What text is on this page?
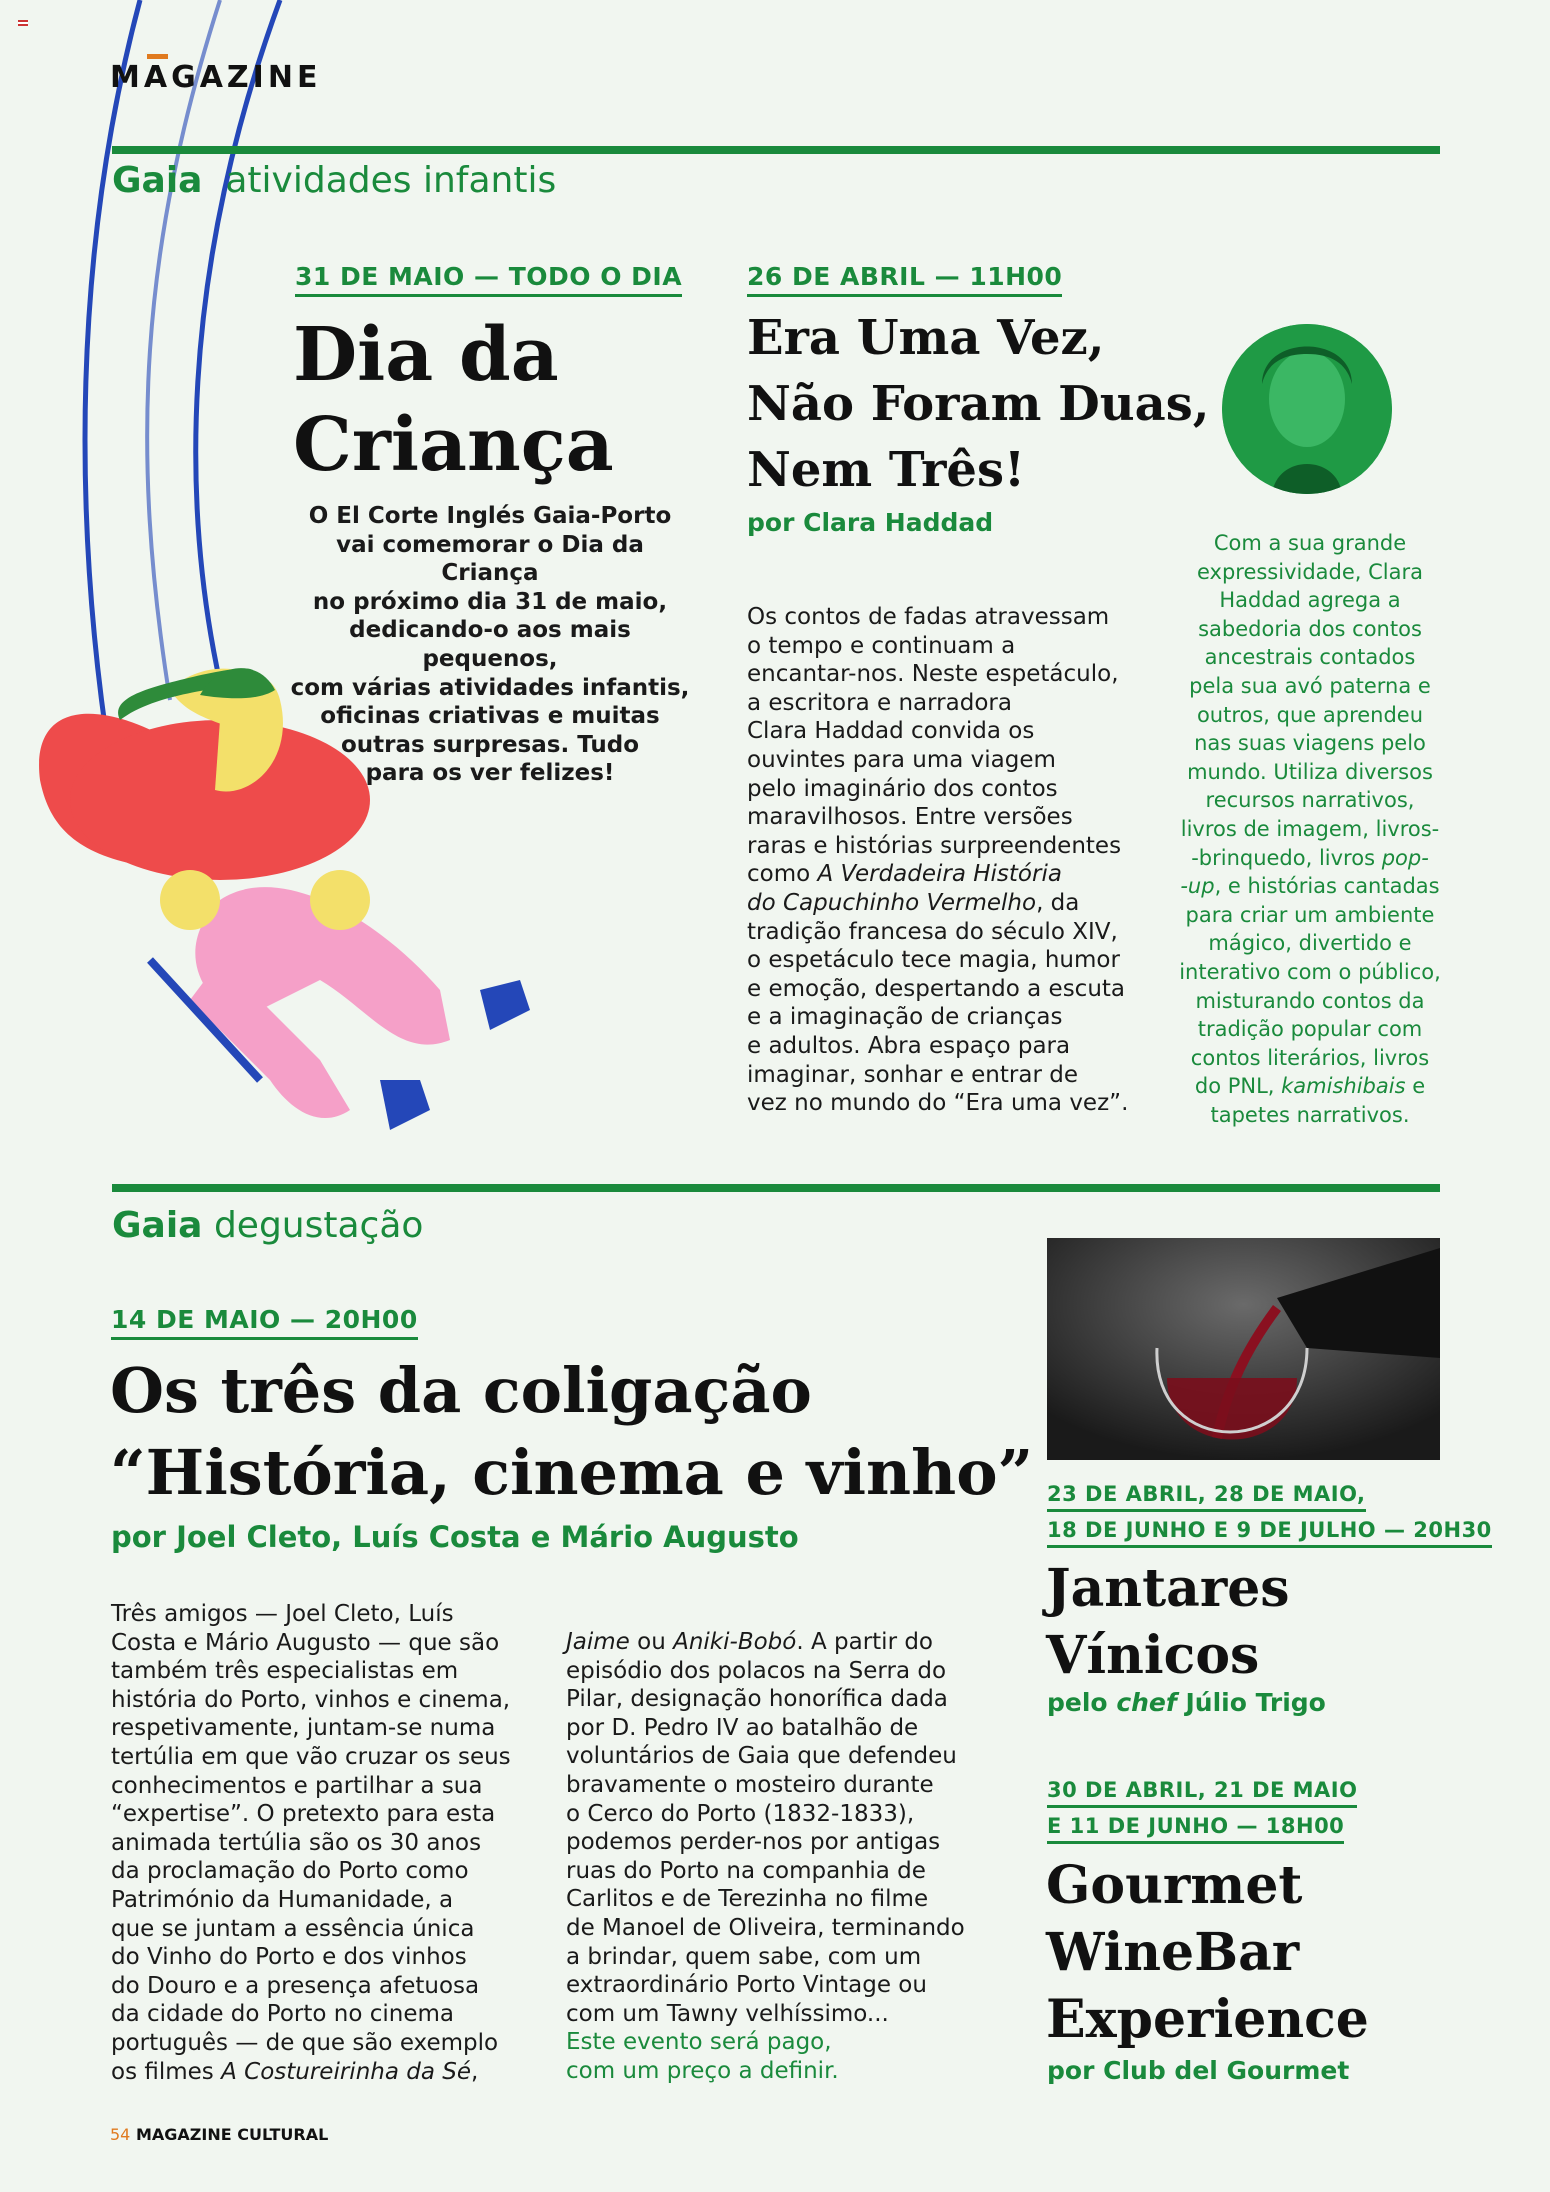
MAGAZINE
Gaia atividades infantis
31 DE MAIO — TODO O DIA
Dia da
Criança
O El Corte Inglés Gaia-Porto
vai comemorar o Dia da Criança
no próximo dia 31 de maio,
dedicando-o aos mais pequenos,
com várias atividades infantis,
oficinas criativas e muitas
outras surpresas. Tudo
para os ver felizes!
26 DE ABRIL — 11H00
Era Uma Vez,
Não Foram Duas,
Nem Três!
por Clara Haddad
Os contos de fadas atravessam
o tempo e continuam a
encantar-nos. Neste espetáculo,
a escritora e narradora
Clara Haddad convida os
ouvintes para uma viagem
pelo imaginário dos contos
maravilhosos. Entre versões
raras e histórias surpreendentes
como A Verdadeira História
do Capuchinho Vermelho, da
tradição francesa do século XIV,
o espetáculo tece magia, humor
e emoção, despertando a escuta
e a imaginação de crianças
e adultos. Abra espaço para
imaginar, sonhar e entrar de
vez no mundo do “Era uma vez”.
Com a sua grande
expressividade, Clara
Haddad agrega a
sabedoria dos contos
ancestrais contados
pela sua avó paterna e
outros, que aprendeu
nas suas viagens pelo
mundo. Utiliza diversos
recursos narrativos,
livros de imagem, livros-
-brinquedo, livros pop-
-up, e histórias cantadas
para criar um ambiente
mágico, divertido e
interativo com o público,
misturando contos da
tradição popular com
contos literários, livros
do PNL, kamishibais e
tapetes narrativos.
Gaia degustação
14 DE MAIO — 20H00
Os três da coligação
“História, cinema e vinho”
por Joel Cleto, Luís Costa e Mário Augusto
Três amigos — Joel Cleto, Luís
Costa e Mário Augusto — que são
também três especialistas em
história do Porto, vinhos e cinema,
respetivamente, juntam-se numa
tertúlia em que vão cruzar os seus
conhecimentos e partilhar a sua
“expertise”. O pretexto para esta
animada tertúlia são os 30 anos
da proclamação do Porto como
Património da Humanidade, a
que se juntam a essência única
do Vinho do Porto e dos vinhos
do Douro e a presença afetuosa
da cidade do Porto no cinema
português — de que são exemplo
os filmes A Costureirinha da Sé,
Jaime ou Aniki-Bobó. A partir do
episódio dos polacos na Serra do
Pilar, designação honorífica dada
por D. Pedro IV ao batalhão de
voluntários de Gaia que defendeu
bravamente o mosteiro durante
o Cerco do Porto (1832-1833),
podemos perder-nos por antigas
ruas do Porto na companhia de
Carlitos e de Terezinha no filme
de Manoel de Oliveira, terminando
a brindar, quem sabe, com um
extraordinário Porto Vintage ou
com um Tawny velhíssimo...
Este evento será pago,
com um preço a definir.
23 DE ABRIL, 28 DE MAIO,
18 DE JUNHO E 9 DE JULHO — 20H30
Jantares
Vínicos
pelo chef Júlio Trigo
30 DE ABRIL, 21 DE MAIO
E 11 DE JUNHO — 18H00
Gourmet
WineBar
Experience
por Club del Gourmet
54 MAGAZINE CULTURAL
